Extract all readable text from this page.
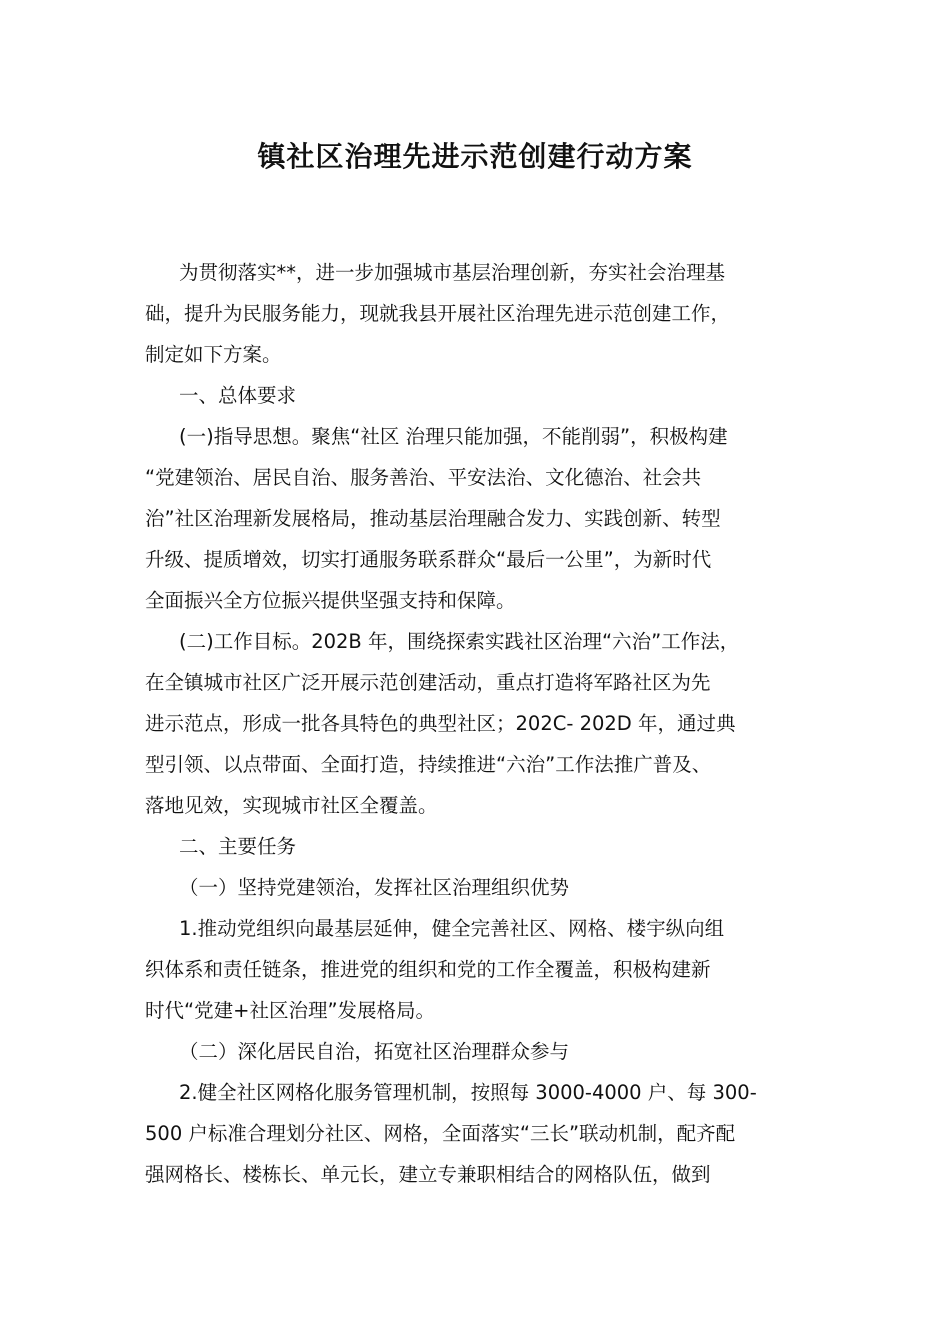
镇社区治理先进示范创建行动方案
为贯彻落实**，进一步加强城市基层治理创新，夯实社会治理基
础，提升为民服务能力，现就我县开展社区治理先进示范创建工作，
制定如下方案。
一、总体要求
(一)指导思想。聚焦“社区 治理只能加强，不能削弱”，积极构建
“党建领治、居民自治、服务善治、平安法治、文化德治、社会共
治”社区治理新发展格局，推动基层治理融合发力、实践创新、转型
升级、提质增效，切实打通服务联系群众“最后一公里”，为新时代
全面振兴全方位振兴提供坚强支持和保障。
(二)工作目标。202B 年，围绕探索实践社区治理“六治”工作法，
在全镇城市社区广泛开展示范创建活动，重点打造将军路社区为先
进示范点，形成一批各具特色的典型社区；202C- 202D 年，通过典
型引领、以点带面、全面打造，持续推进“六治”工作法推广普及、
落地见效，实现城市社区全覆盖。
二、主要任务
（一）坚持党建领治，发挥社区治理组织优势
1.推动党组织向最基层延伸，健全完善社区、网格、楼宇纵向组
织体系和责任链条，推进党的组织和党的工作全覆盖，积极构建新
时代“党建+社区治理”发展格局。
（二）深化居民自治，拓宽社区治理群众参与
2.健全社区网格化服务管理机制，按照每 3000-4000 户、每 300-
500 户标准合理划分社区、网格，全面落实“三长”联动机制，配齐配
强网格长、楼栋长、单元长，建立专兼职相结合的网格队伍，做到
